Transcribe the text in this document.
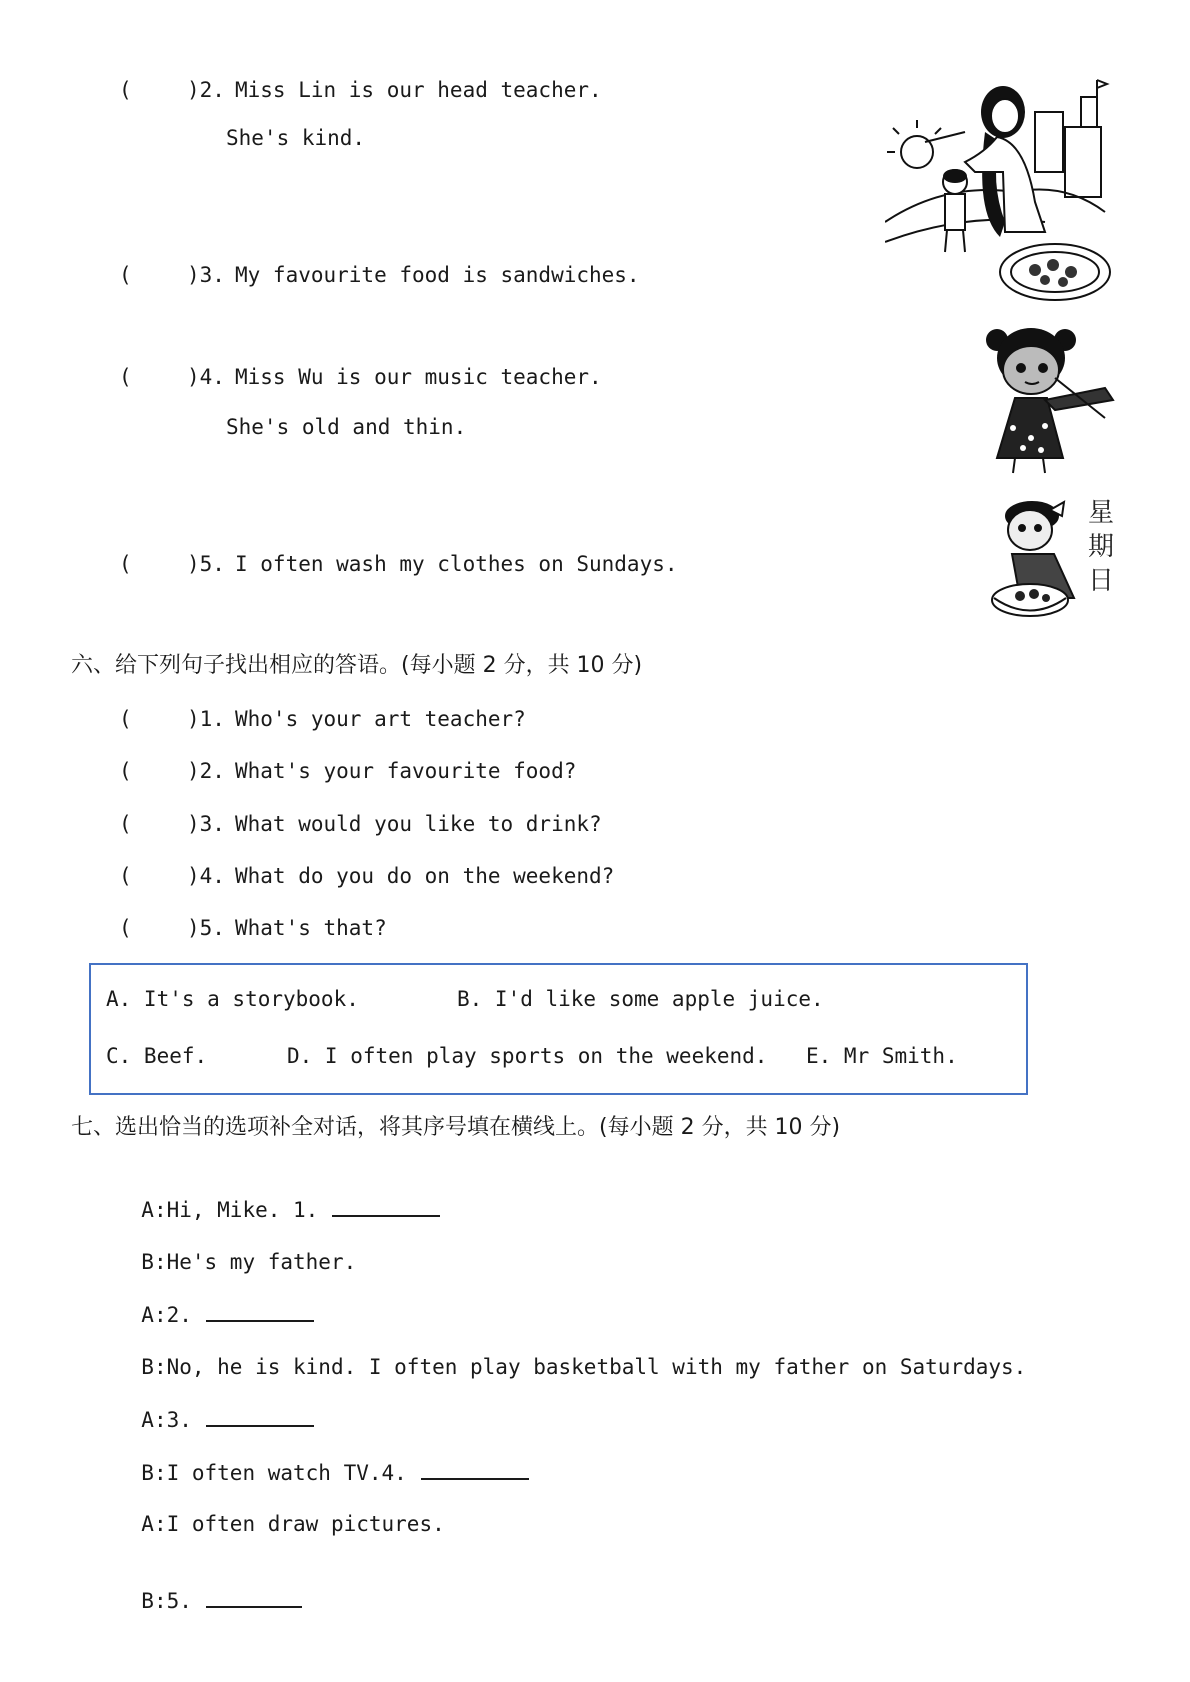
(	)2. Miss Lin is our head teacher.
She's kind.
(	)3. My favourite food is sandwiches.
(	)4. Miss Wu is our music teacher.
She's old and thin.
(	)5. I often wash my clothes on Sundays.
星
期
日
六、给下列句子找出相应的答语。(每小题 2 分，共 10 分)
(	)1. Who's your art teacher?
(	)2. What's your favourite food?
(	)3. What would you like to drink?
(	)4. What do you do on the weekend?
(	)5. What's that?
A. It's a storybook.	B. I'd like some apple juice.
C. Beef.	D. I often play sports on the weekend. E. Mr Smith.
七、选出恰当的选项补全对话，将其序号填在横线上。(每小题 2 分，共 10 分)

A:Hi, Mike. 1.

B:He's my father.

A:2.

B:No, he is kind. I often play basketball with my father on Saturdays.

A:3.

B:I often watch TV.4.

A:I often draw pictures.

B:5.
